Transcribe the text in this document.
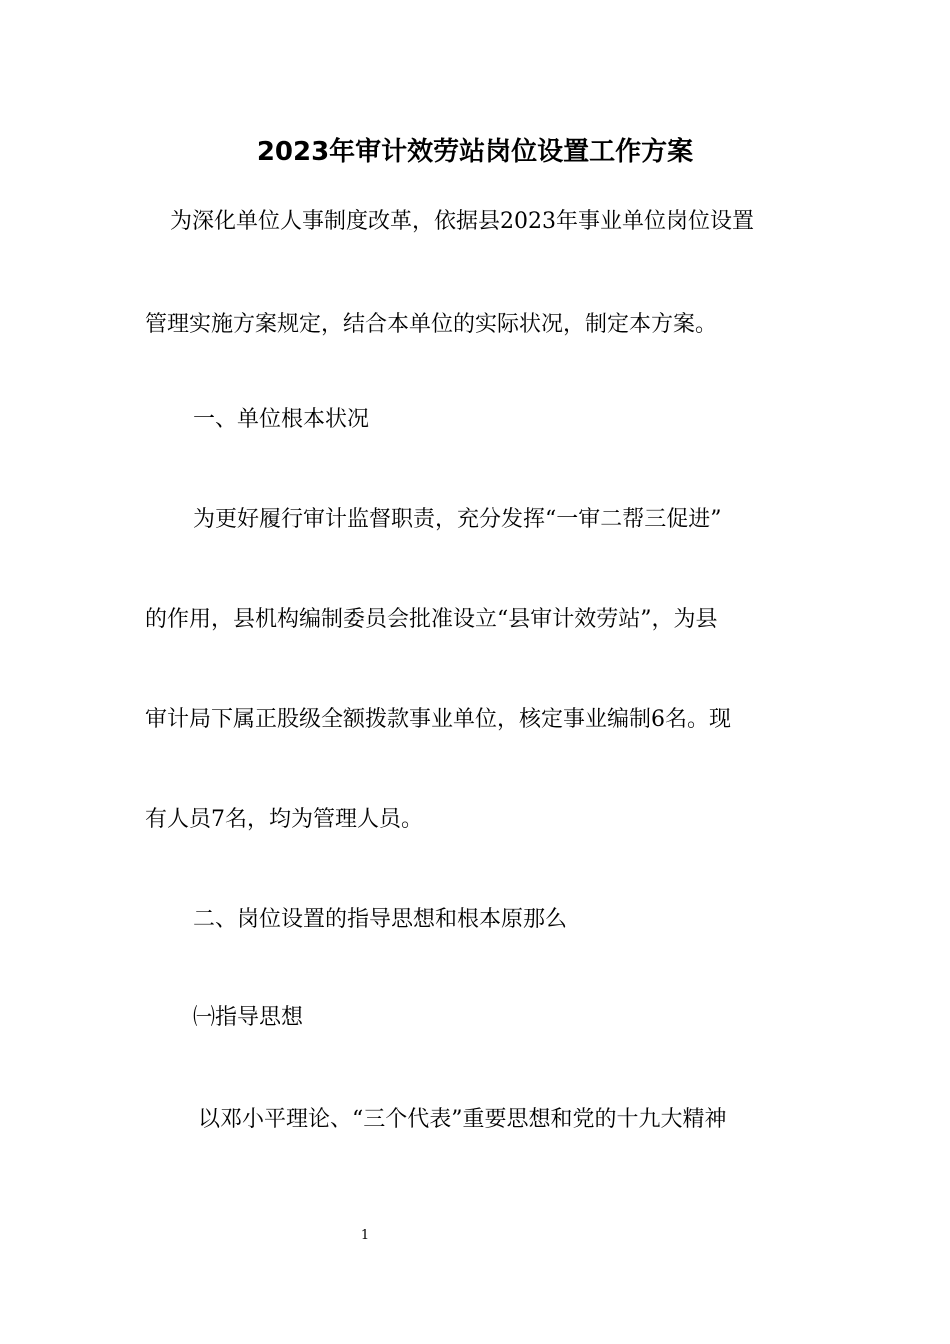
2023年审计效劳站岗位设置工作方案

为深化单位人事制度改革，依据县2023年事业单位岗位设置

管理实施方案规定，结合本单位的实际状况，制定本方案。

一、单位根本状况

为更好履行审计监督职责，充分发挥“一审二帮三促进”

的作用，县机构编制委员会批准设立“县审计效劳站”，为县

审计局下属正股级全额拨款事业单位，核定事业编制6名。现

有人员7名，均为管理人员。

二、岗位设置的指导思想和根本原那么

㈠指导思想

以邓小平理论、“三个代表”重要思想和党的十九大精神

1
